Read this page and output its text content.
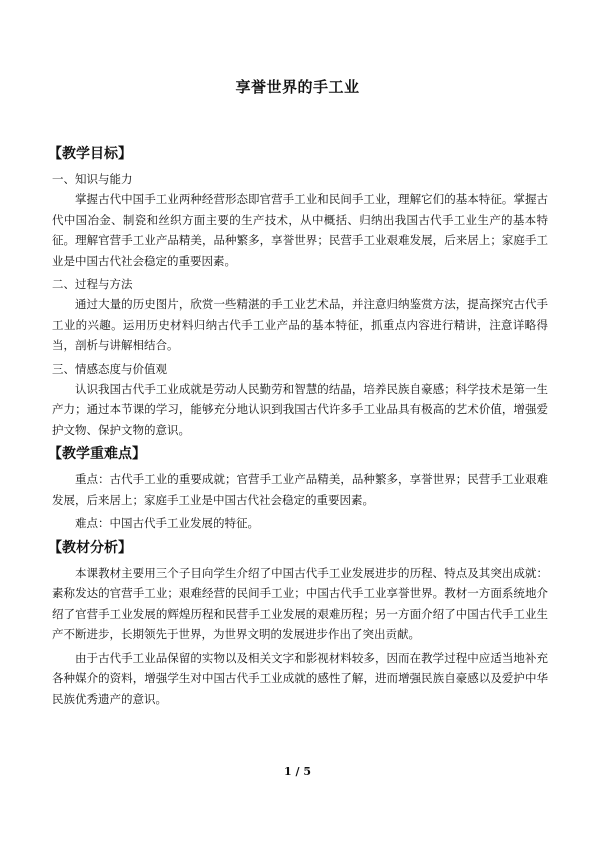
享誉世界的手工业
【教学目标】
一、知识与能力

掌握古代中国手工业两种经营形态即官营手工业和民间手工业，理解它们的基本特征。掌握古代中国冶金、制瓷和丝织方面主要的生产技术，从中概括、归纳出我国古代手工业生产的基本特征。理解官营手工业产品精美，品种繁多，享誉世界；民营手工业艰难发展，后来居上；家庭手工业是中国古代社会稳定的重要因素。

二、过程与方法

通过大量的历史图片，欣赏一些精湛的手工业艺术品，并注意归纳鉴赏方法，提高探究古代手工业的兴趣。运用历史材料归纳古代手工业产品的基本特征，抓重点内容进行精讲，注意详略得当，剖析与讲解相结合。

三、情感态度与价值观

认识我国古代手工业成就是劳动人民勤劳和智慧的结晶，培养民族自豪感；科学技术是第一生产力；通过本节课的学习，能够充分地认识到我国古代许多手工业品具有极高的艺术价值，增强爱护文物、保护文物的意识。

【教学重难点】

重点：古代手工业的重要成就；官营手工业产品精美，品种繁多，享誉世界；民营手工业艰难发展，后来居上；家庭手工业是中国古代社会稳定的重要因素。

难点：中国古代手工业发展的特征。

【教材分析】

本课教材主要用三个子目向学生介绍了中国古代手工业发展进步的历程、特点及其突出成就：素称发达的官营手工业；艰难经营的民间手工业；中国古代手工业享誉世界。教材一方面系统地介绍了官营手工业发展的辉煌历程和民营手工业发展的艰难历程；另一方面介绍了中国古代手工业生产不断进步，长期领先于世界，为世界文明的发展进步作出了突出贡献。

由于古代手工业品保留的实物以及相关文字和影视材料较多，因而在教学过程中应适当地补充各种媒介的资料，增强学生对中国古代手工业成就的感性了解，进而增强民族自豪感以及爱护中华民族优秀遗产的意识。

1 / 5
